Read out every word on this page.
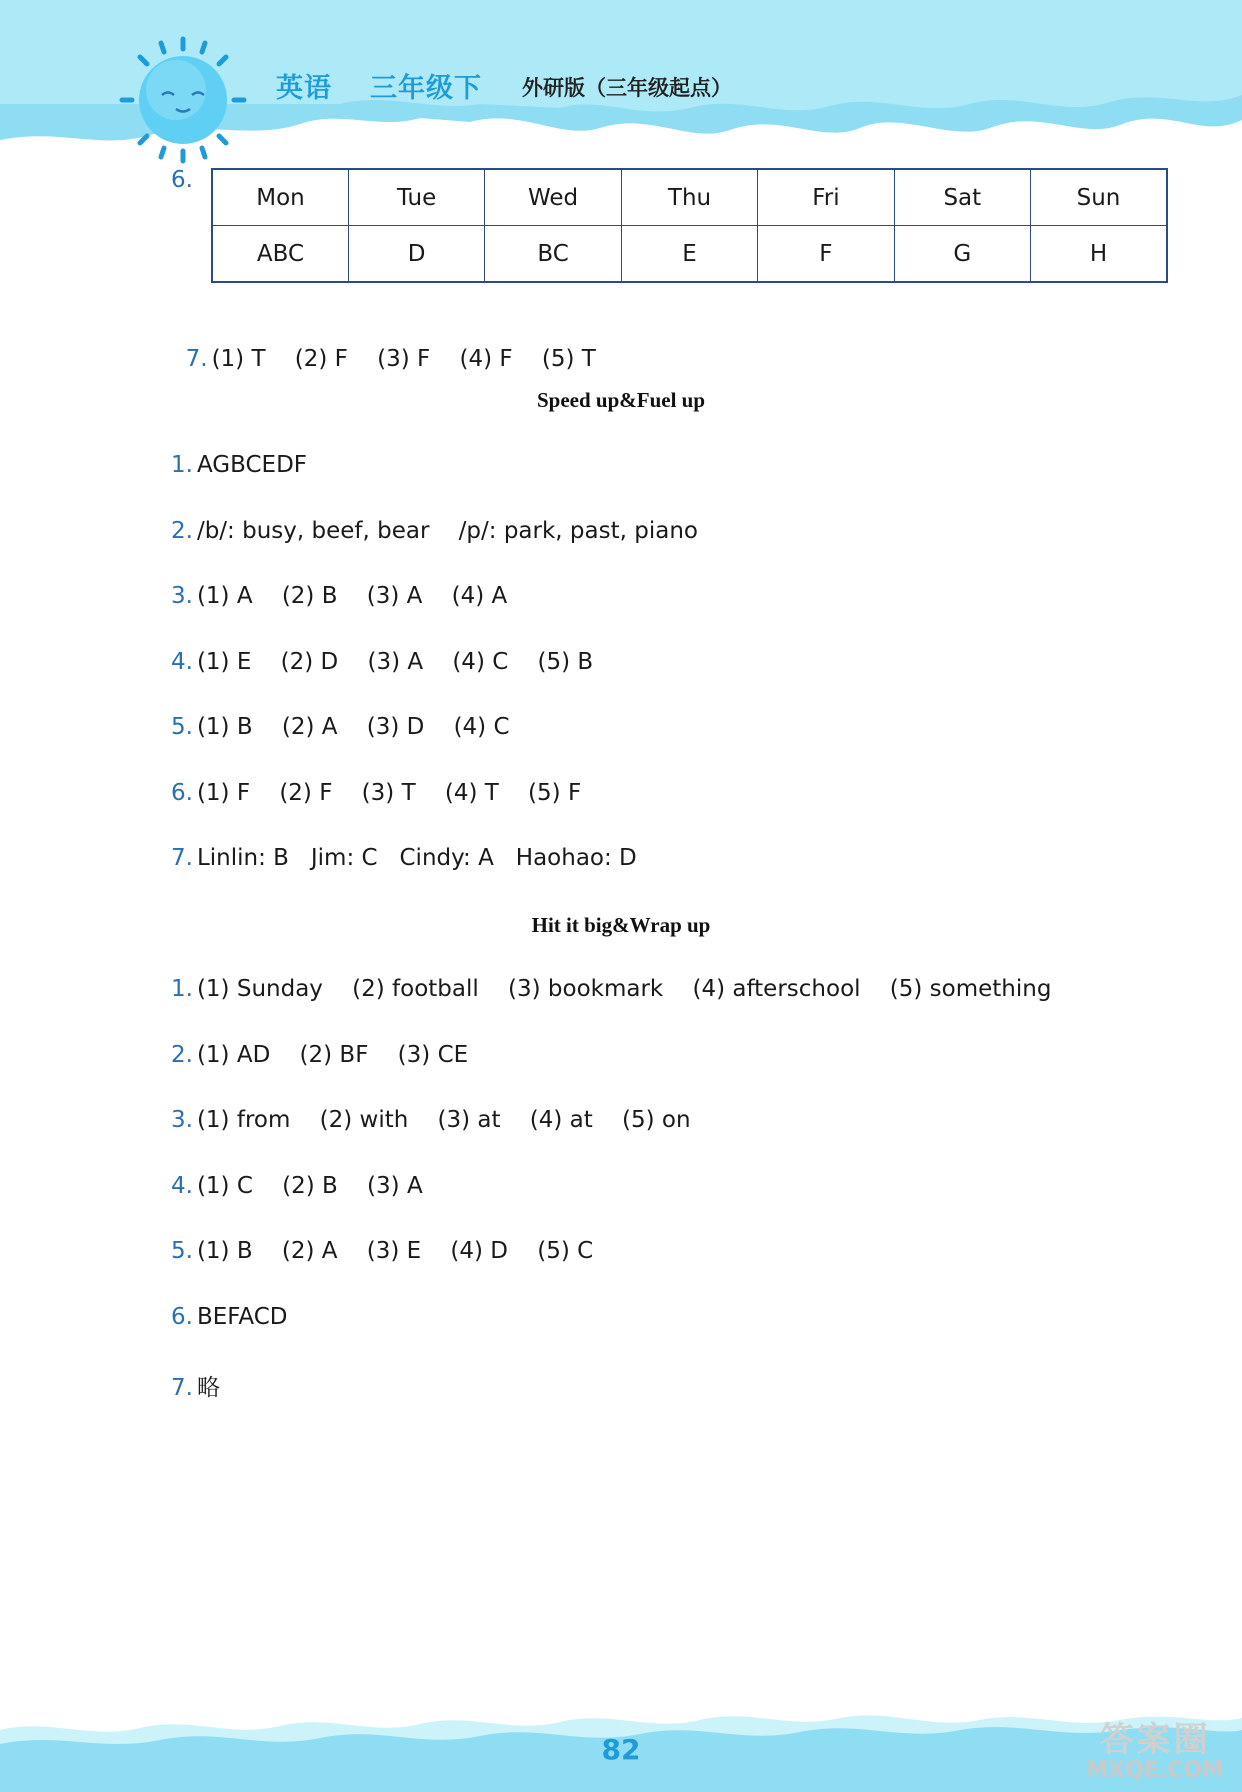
英语 三年级下 外研版（三年级起点）
6.
Mon	Tue	Wed	Thu	Fri	Sat	Sun
ABC	D	BC	E	F	G	H

7. (1) T    (2) F    (3) F    (4) F    (5) T

Speed up&Fuel up
1. AGBCEDF
2. /b/: busy, beef, bear    /p/: park, past, piano
3. (1) A    (2) B    (3) A    (4) A
4. (1) E    (2) D    (3) A    (4) C    (5) B
5. (1) B    (2) A    (3) D    (4) C
6. (1) F    (2) F    (3) T    (4) T    (5) F
7. Linlin: B   Jim: C   Cindy: A   Haohao: D
Hit it big&Wrap up
1. (1) Sunday    (2) football    (3) bookmark    (4) afterschool    (5) something
2. (1) AD    (2) BF    (3) CE
3. (1) from    (2) with    (3) at    (4) at    (5) on
4. (1) C    (2) B    (3) A
5. (1) B    (2) A    (3) E    (4) D    (5) C
6. BEFACD
7. 略
82	答案圈
MXQE.COM
